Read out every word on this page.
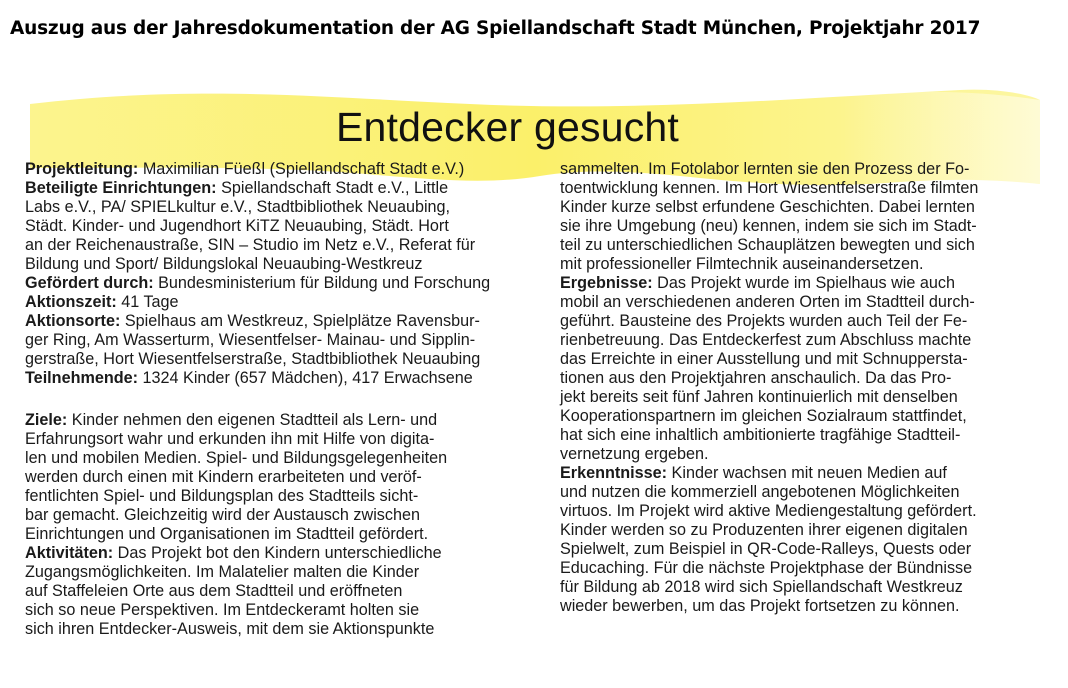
Auszug aus der Jahresdokumentation der AG Spiellandschaft Stadt München, Projektjahr 2017
Entdecker gesucht
Projektleitung: Maximilian Füeßl (Spiellandschaft Stadt e.V.)
Beteiligte Einrichtungen: Spiellandschaft Stadt e.V., Little
Labs e.V., PA/ SPIELkultur e.V., Stadtbibliothek Neuaubing,
Städt. Kinder- und Jugendhort KiTZ Neuaubing, Städt. Hort
an der Reichenaustraße, SIN – Studio im Netz e.V., Referat für
Bildung und Sport/ Bildungslokal Neuaubing-Westkreuz
Gefördert durch: Bundesministerium für Bildung und Forschung
Aktionszeit: 41 Tage
Aktionsorte: Spielhaus am Westkreuz, Spielplätze Ravensbur-
ger Ring, Am Wasserturm, Wiesentfelser- Mainau- und Sipplin-
gerstraße, Hort Wiesentfelserstraße, Stadtbibliothek Neuaubing
Teilnehmende: 1324 Kinder (657 Mädchen), 417 Erwachsene
Ziele: Kinder nehmen den eigenen Stadtteil als Lern- und
Erfahrungsort wahr und erkunden ihn mit Hilfe von digita-
len und mobilen Medien. Spiel- und Bildungsgelegenheiten
werden durch einen mit Kindern erarbeiteten und veröf-
fentlichten Spiel- und Bildungsplan des Stadtteils sicht-
bar gemacht. Gleichzeitig wird der Austausch zwischen
Einrichtungen und Organisationen im Stadtteil gefördert.
Aktivitäten: Das Projekt bot den Kindern unterschiedliche
Zugangsmöglichkeiten. Im Malatelier malten die Kinder
auf Staffeleien Orte aus dem Stadtteil und eröffneten
sich so neue Perspektiven. Im Entdeckeramt holten sie
sich ihren Entdecker-Ausweis, mit dem sie Aktionspunkte
sammelten. Im Fotolabor lernten sie den Prozess der Fo-
toentwicklung kennen. Im Hort Wiesentfelserstraße filmten
Kinder kurze selbst erfundene Geschichten. Dabei lernten
sie ihre Umgebung (neu) kennen, indem sie sich im Stadt-
teil zu unterschiedlichen Schauplätzen bewegten und sich
mit professioneller Filmtechnik auseinandersetzen.
Ergebnisse: Das Projekt wurde im Spielhaus wie auch
mobil an verschiedenen anderen Orten im Stadtteil durch-
geführt. Bausteine des Projekts wurden auch Teil der Fe-
rienbetreuung. Das Entdeckerfest zum Abschluss machte
das Erreichte in einer Ausstellung und mit Schnupperstа-
tionen aus den Projektjahren anschaulich. Da das Pro-
jekt bereits seit fünf Jahren kontinuierlich mit denselben
Kooperationspartnern im gleichen Sozialraum stattfindet,
hat sich eine inhaltlich ambitionierte tragfähige Stadtteil-
vernetzung ergeben.
Erkenntnisse: Kinder wachsen mit neuen Medien auf
und nutzen die kommerziell angebotenen Möglichkeiten
virtuos. Im Projekt wird aktive Mediengestaltung gefördert.
Kinder werden so zu Produzenten ihrer eigenen digitalen
Spielwelt, zum Beispiel in QR-Code-Ralleys, Quests oder
Educaching. Für die nächste Projektphase der Bündnisse
für Bildung ab 2018 wird sich Spiellandschaft Westkreuz
wieder bewerben, um das Projekt fortsetzen zu können.
